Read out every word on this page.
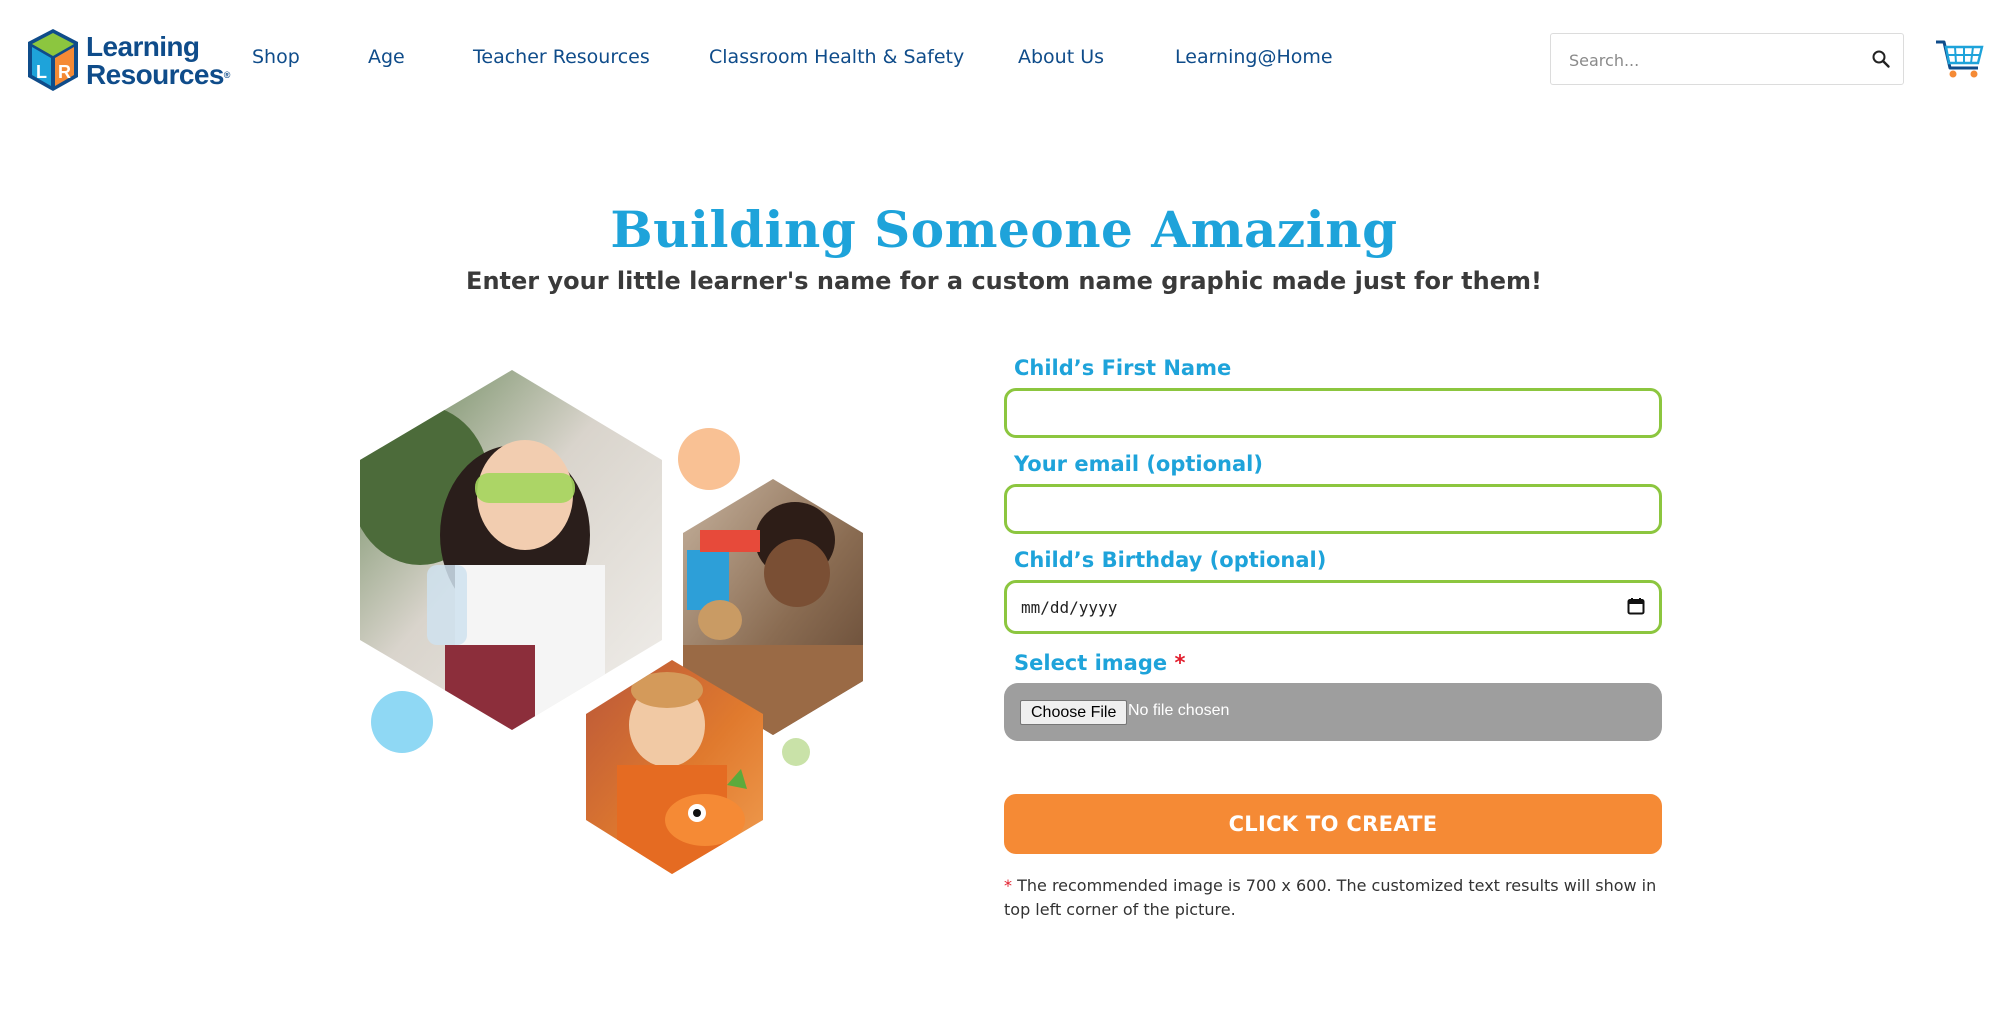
L R
Learning
Resources®
Shop	Age	Teacher Resources	Classroom Health & Safety	About Us	Learning@Home
Search...
Building Someone Amazing
Enter your little learner's name for a custom name graphic made just for them!
Child’s First Name
Your email (optional)
Child’s Birthday (optional)
mm/dd/yyyy
Select image *
Choose File No file chosen
CLICK TO CREATE
* The recommended image is 700 x 600. The customized text results will show in top left corner of the picture.
